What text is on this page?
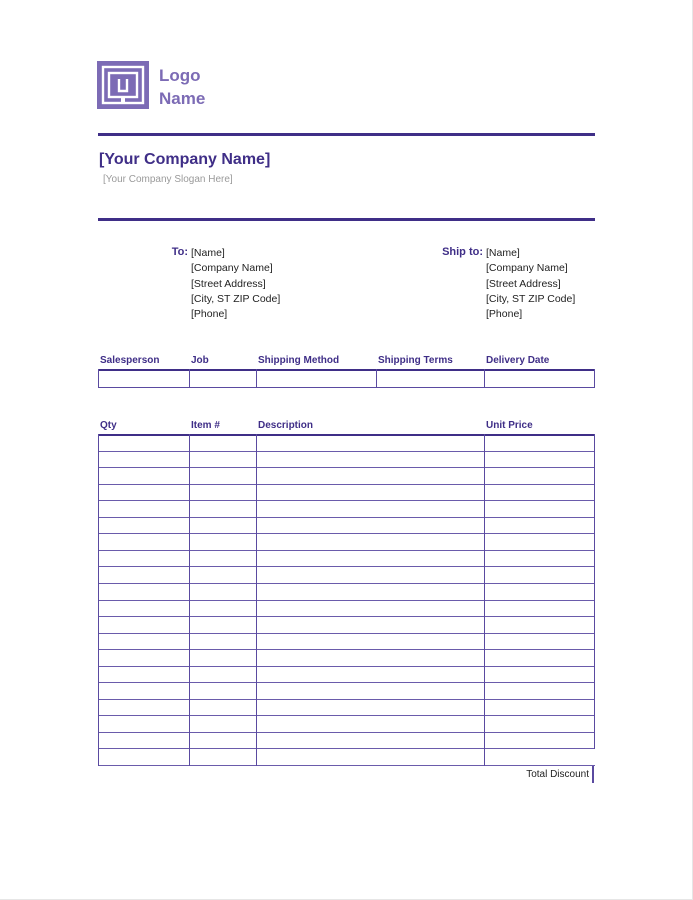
Logo
Name
[Your Company Name]
[Your Company Slogan Here]
To: [Name]
[Company Name]
[Street Address]
[City, ST ZIP Code]
[Phone]
Ship to: [Name]
[Company Name]
[Street Address]
[City, ST ZIP Code]
[Phone]
Salesperson	Job	Shipping Method	Shipping Terms	Delivery Date
Qty	Item #	Description	Unit Price
Total Discount
